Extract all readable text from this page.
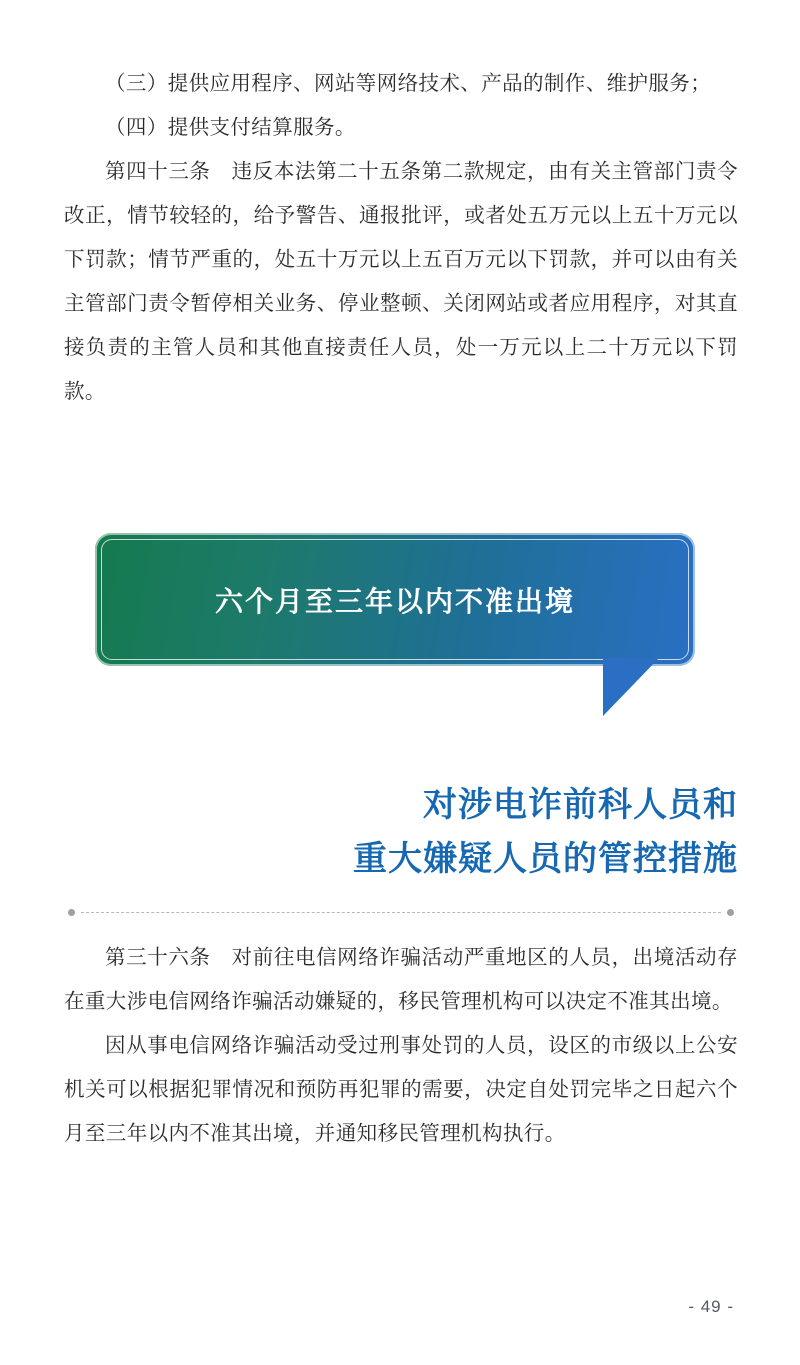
（三）提供应用程序、网站等网络技术、产品的制作、维护服务；

（四）提供支付结算服务。

第四十三条　违反本法第二十五条第二款规定，由有关主管部门责令改正，情节较轻的，给予警告、通报批评，或者处五万元以上五十万元以下罚款；情节严重的，处五十万元以上五百万元以下罚款，并可以由有关主管部门责令暂停相关业务、停业整顿、关闭网站或者应用程序，对其直接负责的主管人员和其他直接责任人员，处一万元以上二十万元以下罚款。

六个月至三年以内不准出境
对涉电诈前科人员和
重大嫌疑人员的管控措施

第三十六条　对前往电信网络诈骗活动严重地区的人员，出境活动存在重大涉电信网络诈骗活动嫌疑的，移民管理机构可以决定不准其出境。

因从事电信网络诈骗活动受过刑事处罚的人员，设区的市级以上公安机关可以根据犯罪情况和预防再犯罪的需要，决定自处罚完毕之日起六个月至三年以内不准其出境，并通知移民管理机构执行。

- 49 -
